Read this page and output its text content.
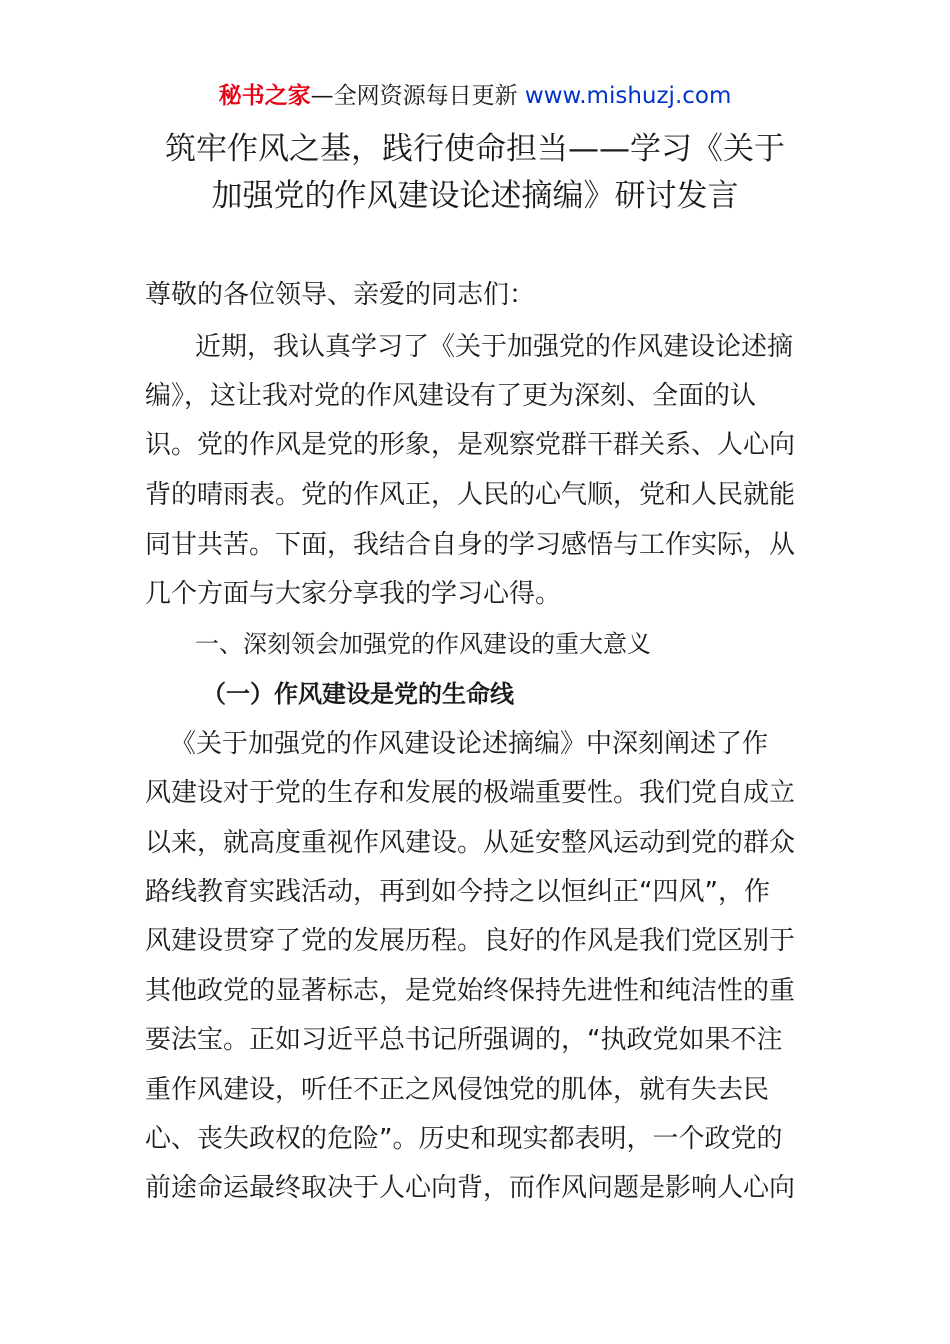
秘书之家—全网资源每日更新 www.mishuzj.com
筑牢作风之基，践行使命担当——学习《关于
加强党的作风建设论述摘编》研讨发言
尊敬的各位领导、亲爱的同志们：
近期，我认真学习了《关于加强党的作风建设论述摘
编》，这让我对党的作风建设有了更为深刻、全面的认
识。党的作风是党的形象，是观察党群干群关系、人心向
背的晴雨表。党的作风正，人民的心气顺，党和人民就能
同甘共苦。下面，我结合自身的学习感悟与工作实际，从
几个方面与大家分享我的学习心得。
一、深刻领会加强党的作风建设的重大意义
（一）作风建设是党的生命线
《关于加强党的作风建设论述摘编》中深刻阐述了作
风建设对于党的生存和发展的极端重要性。我们党自成立
以来，就高度重视作风建设。从延安整风运动到党的群众
路线教育实践活动，再到如今持之以恒纠正“四风”，作
风建设贯穿了党的发展历程。良好的作风是我们党区别于
其他政党的显著标志，是党始终保持先进性和纯洁性的重
要法宝。正如习近平总书记所强调的，“执政党如果不注
重作风建设，听任不正之风侵蚀党的肌体，就有失去民
心、丧失政权的危险”。历史和现实都表明，一个政党的
前途命运最终取决于人心向背，而作风问题是影响人心向
